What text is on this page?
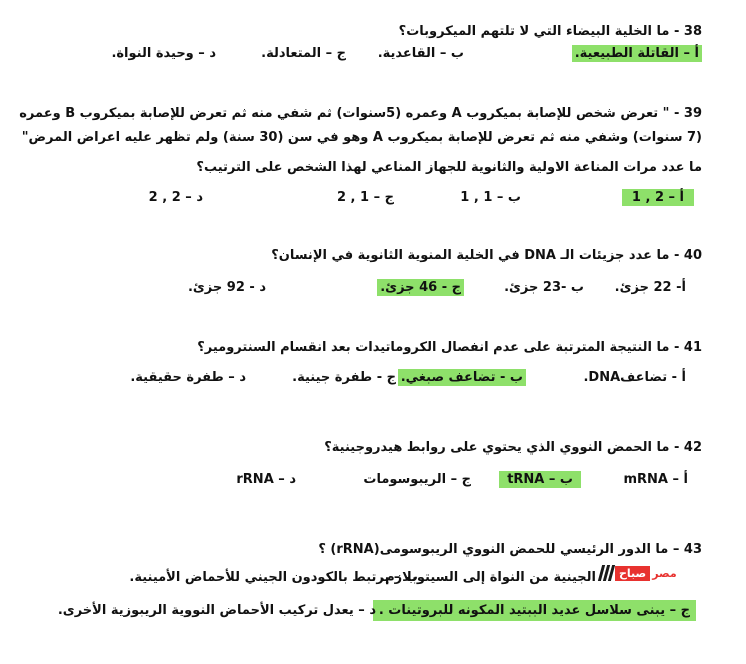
38 - ما الخلية البيضاء التي لا تلتهم الميكروبات؟
أ – القاتلة الطبيعية.
ب – القاعدية.
ج – المتعادلة.
د – وحيدة النواة.
39 - " تعرض شخص للإصابة بميكروب A وعمره (5سنوات) ثم شفي منه ثم تعرض للإصابة بميكروب B وعمره
(7 سنوات) وشفي منه ثم تعرض للإصابة بميكروب A وهو في سن (30 سنة) ولم تظهر عليه اعراض المرض"
ما عدد مرات المناعة الاولية والثانوية للجهاز المناعي لهذا الشخص على الترتيب؟
أ – 2 , 1
ب – 1 , 1
ج – 1 , 2
د – 2 , 2
40 - ما عدد جزيئات الـ DNA في الخلية المنوية الثانوية في الإنسان؟
أ- 22 جزئ.
ب -23 جزئ.
ج - 46 جزئ.
د - 92 جزئ.
41 - ما النتيجة المترتبة على عدم انفصال الكروماتيدات بعد انقسام السنترومير؟
أ - تضاعفDNA.
ب - تضاعف صبغي.
ج - طفرة جينية.
د – طفرة حقيقية.
42 - ما الحمض النووي الذي يحتوي على روابط هيدروجينية؟
أ – mRNA
ب – tRNA
ج – الريبوسومات
د – rRNA
43 – ما الدور الرئيسي للحمض النووي الريبوسومى(rRNA) ؟
صباح مصر
الجينية من النواة إلى السيتوبلازم.
ب – يرتبط بالكودون الجيني للأحماض الأمينية.
ج – يبنى سلاسل عديد الببتيد المكونه للبروتينات .
د – يعدل تركيب الأحماض النووية الريبوزية الأخرى.
